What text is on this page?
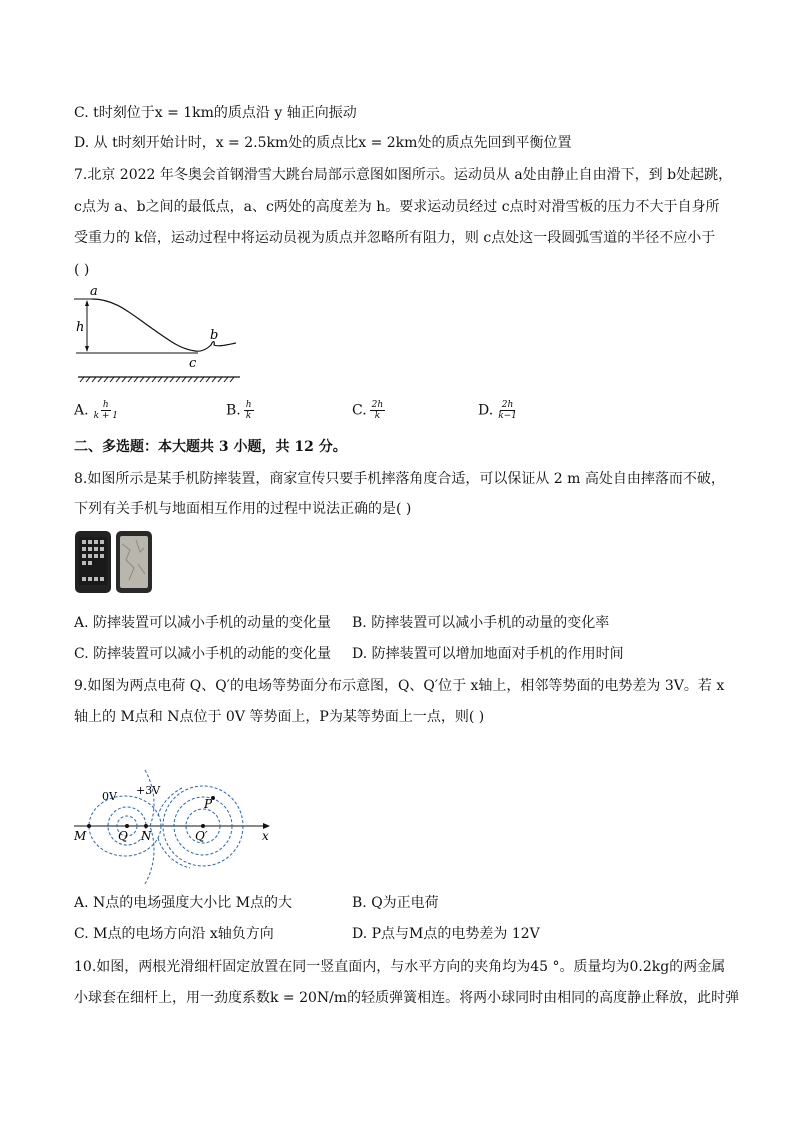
C. t时刻位于x = 1km的质点沿 y 轴正向振动
D. 从 t时刻开始计时，x = 2.5km处的质点比x = 2km处的质点先回到平衡位置
7.北京 2022 年冬奥会首钢滑雪大跳台局部示意图如图所示。运动员从 a处由静止自由滑下，到 b处起跳，
c点为 a、b之间的最低点，a、c两处的高度差为 h。要求运动员经过 c点时对滑雪板的压力不大于自身所
受重力的 k倍，运动过程中将运动员视为质点并忽略所有阻力，则 c点处这一段圆弧雪道的半径不应小于
( )
a
b
c
h
A. $\frac{h}{k + 1}$	B. $\frac{h}{k}$	C. $\frac{2h}{k}$	D. $\frac{2h}{k-1}$
二、多选题：本大题共 3 小题，共 12 分。
8.如图所示是某手机防摔装置，商家宣传只要手机摔落角度合适，可以保证从 2 m 高处自由摔落而不破，
下列有关手机与地面相互作用的过程中说法正确的是( )
A. 防摔装置可以减小手机的动量的变化量 B. 防摔装置可以减小手机的动量的变化率
C. 防摔装置可以减小手机的动能的变化量 D. 防摔装置可以增加地面对手机的作用时间
9.如图为两点电荷 Q、Q′的电场等势面分布示意图，Q、Q′位于 x轴上，相邻等势面的电势差为 3V。若 x
轴上的 M点和 N点位于 0V 等势面上，P为某等势面上一点，则( )
0V +3V
P
M	Q N	Q′	x
A. N点的电场强度大小比 M点的大	B. Q为正电荷
C. M点的电场方向沿 x轴负方向	D. P点与M点的电势差为 12V
10.如图，两根光滑细杆固定放置在同一竖直面内，与水平方向的夹角均为45 °。质量均为0.2kg的两金属
小球套在细杆上，用一劲度系数k = 20N/m的轻质弹簧相连。将两小球同时由相同的高度静止释放，此时弹
